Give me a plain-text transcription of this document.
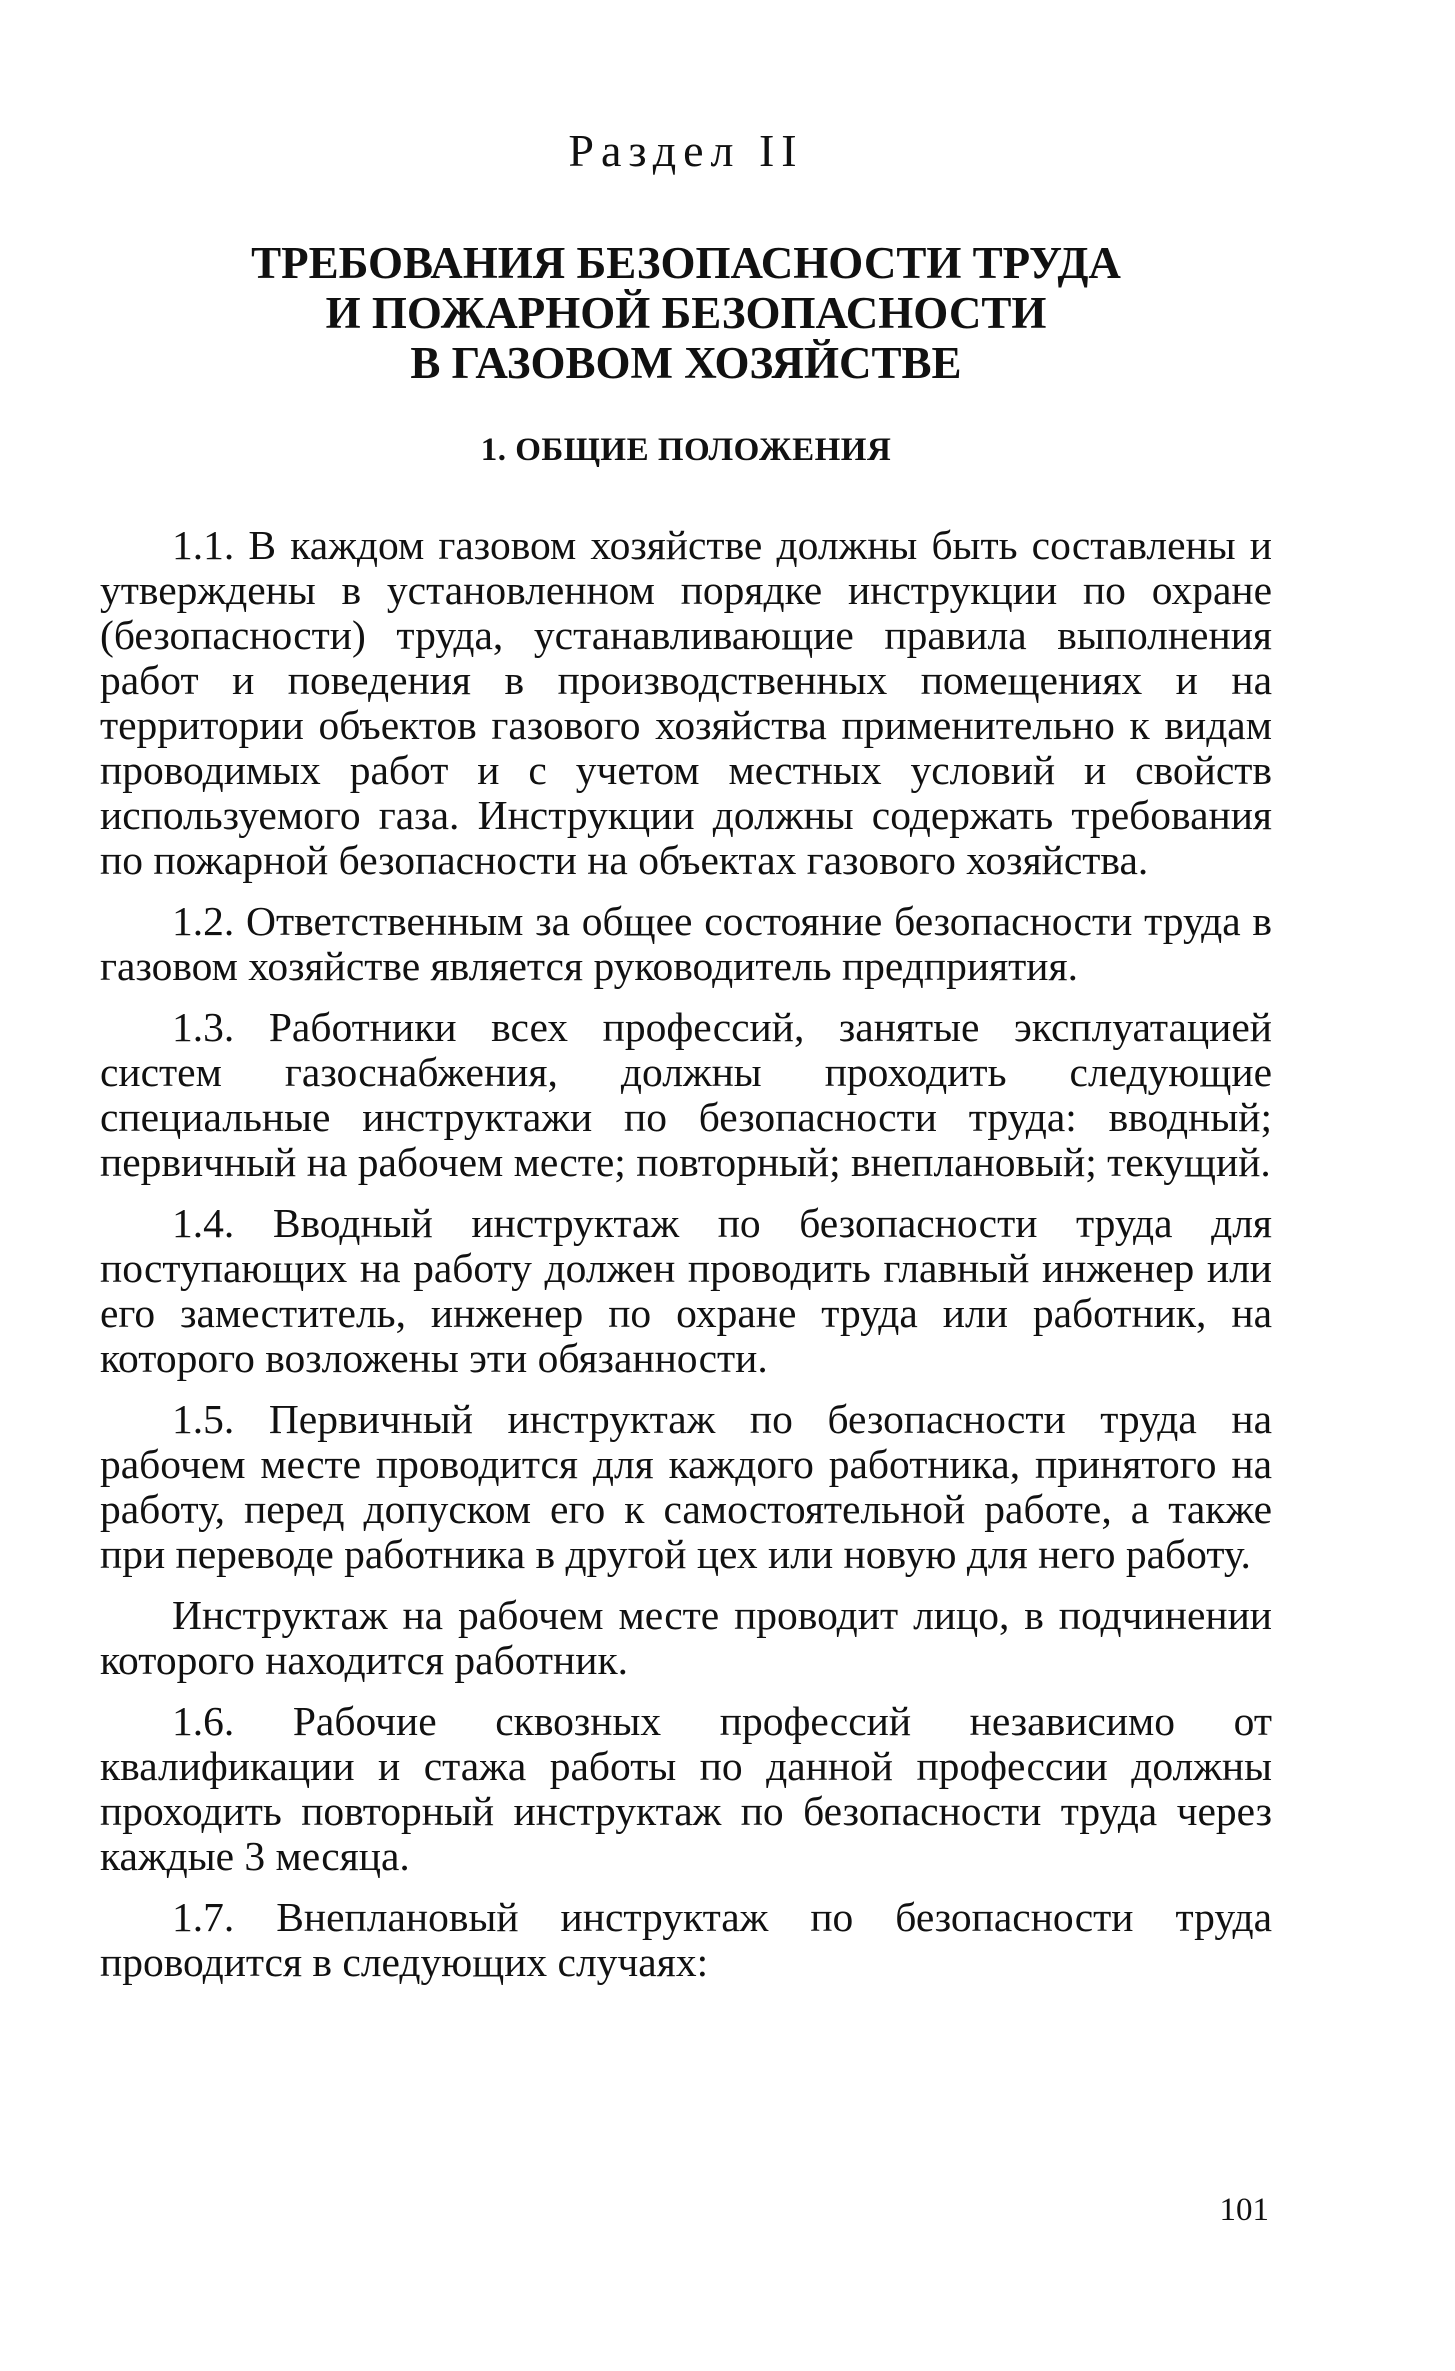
Раздел II
ТРЕБОВАНИЯ БЕЗОПАСНОСТИ ТРУДА
И ПОЖАРНОЙ БЕЗОПАСНОСТИ
В ГАЗОВОМ ХОЗЯЙСТВЕ
1. ОБЩИЕ ПОЛОЖЕНИЯ

1.1. В каждом газовом хозяйстве должны быть составлены и утверждены в установленном порядке инструкции по охране (безопасности) труда, устанавливающие правила выполнения работ и поведения в производственных помещениях и на территории объектов газового хозяйства применительно к видам проводимых работ и с учетом местных условий и свойств используемого газа. Инструкции должны содержать требования по пожарной безопасности на объектах газового хозяйства.

1.2. Ответственным за общее состояние безопасности труда в газовом хозяйстве является руководитель предприятия.

1.3. Работники всех профессий, занятые эксплуатацией систем газоснабжения, должны проходить следующие специальные инструктажи по безопасности труда: вводный; первичный на рабочем месте; повторный; внеплановый; текущий.

1.4. Вводный инструктаж по безопасности труда для поступающих на работу должен проводить главный инженер или его заместитель, инженер по охране труда или работник, на которого возложены эти обязанности.

1.5. Первичный инструктаж по безопасности труда на рабочем месте проводится для каждого работника, принятого на работу, перед допуском его к самостоятельной работе, а также при переводе работника в другой цех или новую для него работу.

Инструктаж на рабочем месте проводит лицо, в подчинении которого находится работник.

1.6. Рабочие сквозных профессий независимо от квалификации и стажа работы по данной профессии должны проходить повторный инструктаж по безопасности труда через каждые 3 месяца.

1.7. Внеплановый инструктаж по безопасности труда проводится в следующих случаях:

101
